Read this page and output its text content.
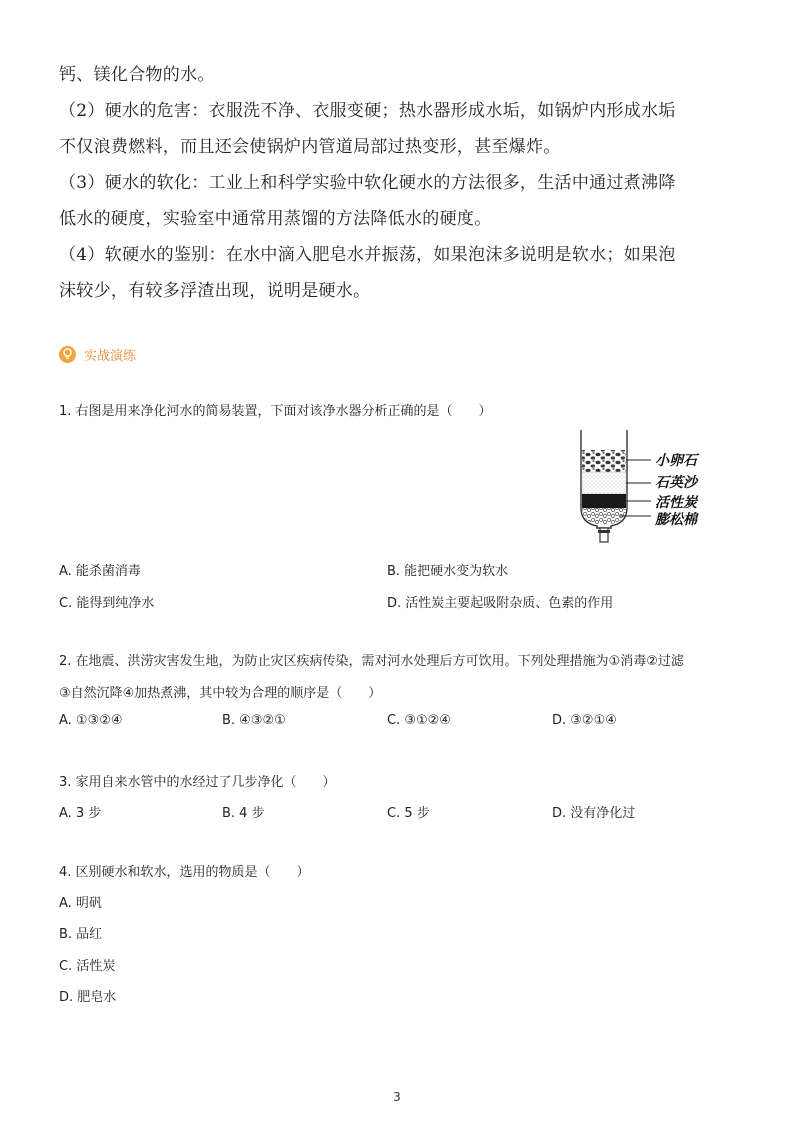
钙、镁化合物的水。
（2）硬水的危害：衣服洗不净、衣服变硬；热水器形成水垢，如锅炉内形成水垢
不仅浪费燃料，而且还会使锅炉内管道局部过热变形，甚至爆炸。
（3）硬水的软化：工业上和科学实验中软化硬水的方法很多，生活中通过煮沸降
低水的硬度，实验室中通常用蒸馏的方法降低水的硬度。
（4）软硬水的鉴别：在水中滴入肥皂水并振荡，如果泡沫多说明是软水；如果泡
沫较少，有较多浮渣出现，说明是硬水。
实战演练
1. 右图是用来净化河水的简易装置，下面对该净水器分析正确的是（　　）
小卵石
石英沙
活性炭
膨松棉
A. 能杀菌消毒	B. 能把硬水变为软水
C. 能得到纯净水	D. 活性炭主要起吸附杂质、色素的作用
2. 在地震、洪涝灾害发生地，为防止灾区疾病传染，需对河水处理后方可饮用。下列处理措施为①消毒②过滤
③自然沉降④加热煮沸，其中较为合理的顺序是（　　）
A. ①③②④	B. ④③②①	C. ③①②④	D. ③②①④
3. 家用自来水管中的水经过了几步净化（　　）
A. 3 步	B. 4 步	C. 5 步	D. 没有净化过
4. 区别硬水和软水，选用的物质是（　　）
A. 明矾
B. 品红
C. 活性炭
D. 肥皂水
3
